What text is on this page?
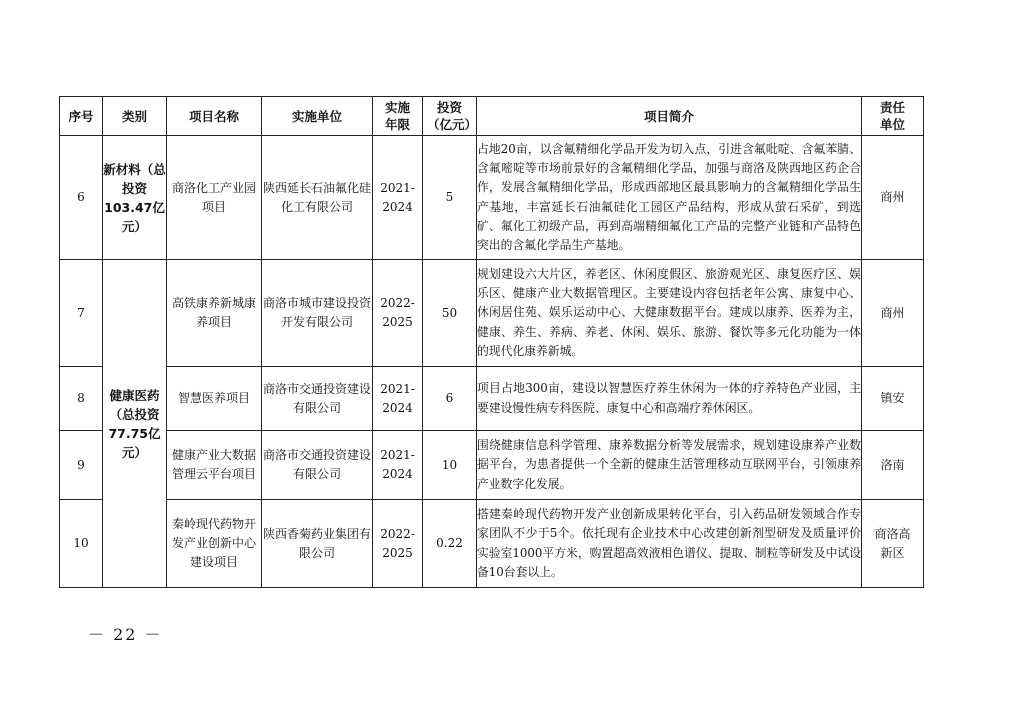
序号	类别	项目名称	实施单位	实施年限	投资（亿元）	项目简介	责任单位
6	新材料（总投资103.47亿元）	商洛化工产业园项目	陕西延长石油氟化硅化工有限公司	2021-2024	5	占地20亩，以含氟精细化学品开发为切入点，引进含氟吡啶、含氟苯腈、含氟嘧啶等市场前景好的含氟精细化学品，加强与商洛及陕西地区药企合作，发展含氟精细化学品，形成西部地区最具影响力的含氟精细化学品生产基地，丰富延长石油氟硅化工园区产品结构，形成从萤石采矿，到选矿、氟化工初级产品，再到高端精细氟化工产品的完整产业链和产品特色突出的含氟化学品生产基地。	商州
7	健康医药（总投资77.75亿元）	高铁康养新城康养项目	商洛市城市建设投资开发有限公司	2022-2025	50	规划建设六大片区，养老区、休闲度假区、旅游观光区、康复医疗区、娱乐区、健康产业大数据管理区。主要建设内容包括老年公寓、康复中心、休闲居住苑、娱乐运动中心、大健康数据平台。建成以康养、医养为主，健康、养生、养病、养老、休闲、娱乐、旅游、餐饮等多元化功能为一体的现代化康养新城。	商州
8		智慧医养项目	商洛市交通投资建设有限公司	2021-2024	6	项目占地300亩，建设以智慧医疗养生休闲为一体的疗养特色产业园，主要建设慢性病专科医院、康复中心和高端疗养休闲区。	镇安
9		健康产业大数据管理云平台项目	商洛市交通投资建设有限公司	2021-2024	10	围绕健康信息科学管理、康养数据分析等发展需求，规划建设康养产业数据平台，为患者提供一个全新的健康生活管理移动互联网平台，引领康养产业数字化发展。	洛南
10		秦岭现代药物开发产业创新中心建设项目	陕西香菊药业集团有限公司	2022-2025	0.22	搭建秦岭现代药物开发产业创新成果转化平台，引入药品研发领域合作专家团队不少于5个。依托现有企业技术中心改建创新剂型研发及质量评价实验室1000平方米，购置超高效液相色谱仪、提取、制粒等研发及中试设备10台套以上。	商洛高新区
－ 22 －
